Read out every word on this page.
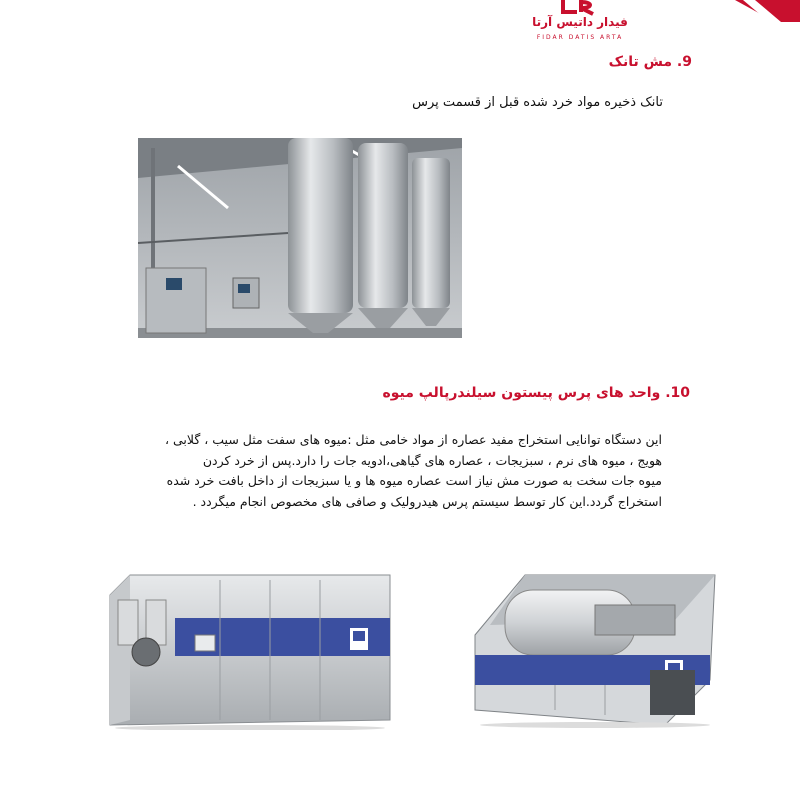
فیدار داتیس آرتا
FIDAR DATIS ARTA
9. مش تانک
تانک ذخیره مواد خرد شده قبل از قسمت پرس
10. واحد های پرس پیستون سیلندرپالپ میوه
این دستگاه توانایی استخراج مفید عصاره از مواد خامی مثل :میوه های سفت مثل سیب ، گلابی ،
هویج ، میوه های نرم ، سبزیجات ، عصاره های گیاهی،ادویه جات را دارد.پس از خرد کردن
میوه جات سخت به صورت مش نیاز است عصاره میوه ها و یا سبزیجات از داخل بافت خرد شده
استخراج گردد.این کار توسط سیستم پرس هیدرولیک و صافی های مخصوص انجام میگردد .
